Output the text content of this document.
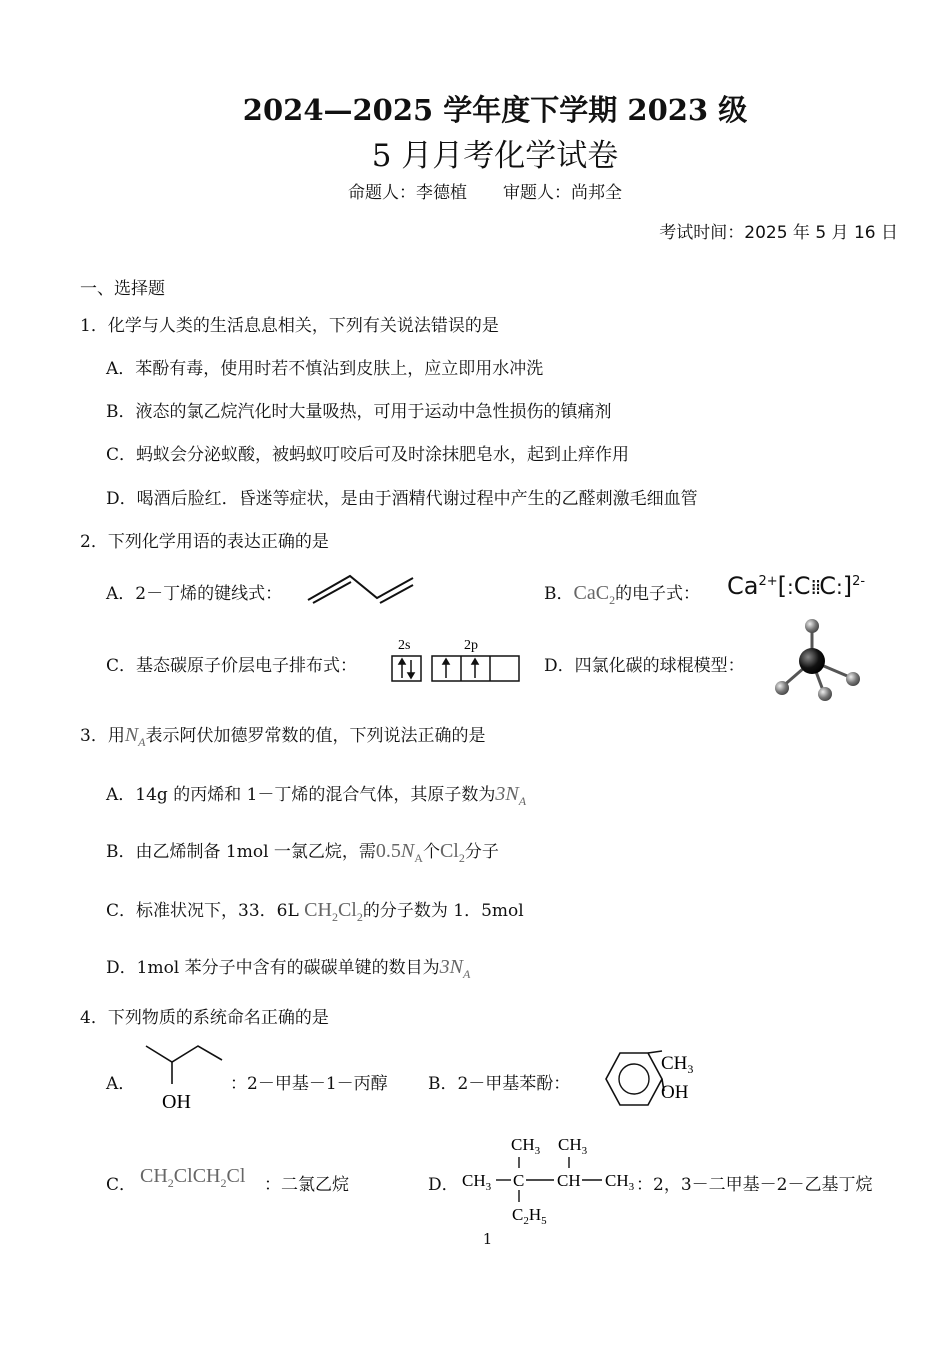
2024—2025 学年度下学期 2023 级
5 月月考化学试卷
命题人：李德植 审题人：尚邦全
考试时间：2025 年 5 月 16 日
一、选择题
1．化学与人类的生活息息相关，下列有关说法错误的是
A．苯酚有毒，使用时若不慎沾到皮肤上，应立即用水冲洗
B．液态的氯乙烷汽化时大量吸热，可用于运动中急性损伤的镇痛剂
C．蚂蚁会分泌蚁酸，被蚂蚁叮咬后可及时涂抹肥皂水，起到止痒作用
D．喝酒后脸红．昏迷等症状，是由于酒精代谢过程中产生的乙醛刺激毛细血管
2．下列化学用语的表达正确的是
A．2－丁烯的键线式：	B．CaC$_2$的电子式： $Ca^{2+}[:C⁞⁞C:]^{2-}$
C．基态碳原子价层电子排布式：
2s	2p
D．四氯化碳的球棍模型：
3．用$N_A$表示阿伏加德罗常数的值，下列说法正确的是
A．14g 的丙烯和 1－丁烯的混合气体，其原子数为$3N_A$
B．由乙烯制备 1mol 一氯乙烷，需$0.5N_A$个$Cl_2$分子
C．标准状况下，33．6L $CH_2Cl_2$的分子数为 1．5mol
D．1mol 苯分子中含有的碳碳单键的数目为$3N_A$
4．下列物质的系统命名正确的是
A．
OH
：2－甲基－1－丙醇 B．2－甲基苯酚：
$CH_3$
OH
C． $CH_2ClCH_2Cl$ ：二氯乙烷	D．
$CH_3$ $CH_3$
$CH_3$ C CH $CH_3$
$C_2H_5$
：2，3－二甲基－2－乙基丁烷
1
